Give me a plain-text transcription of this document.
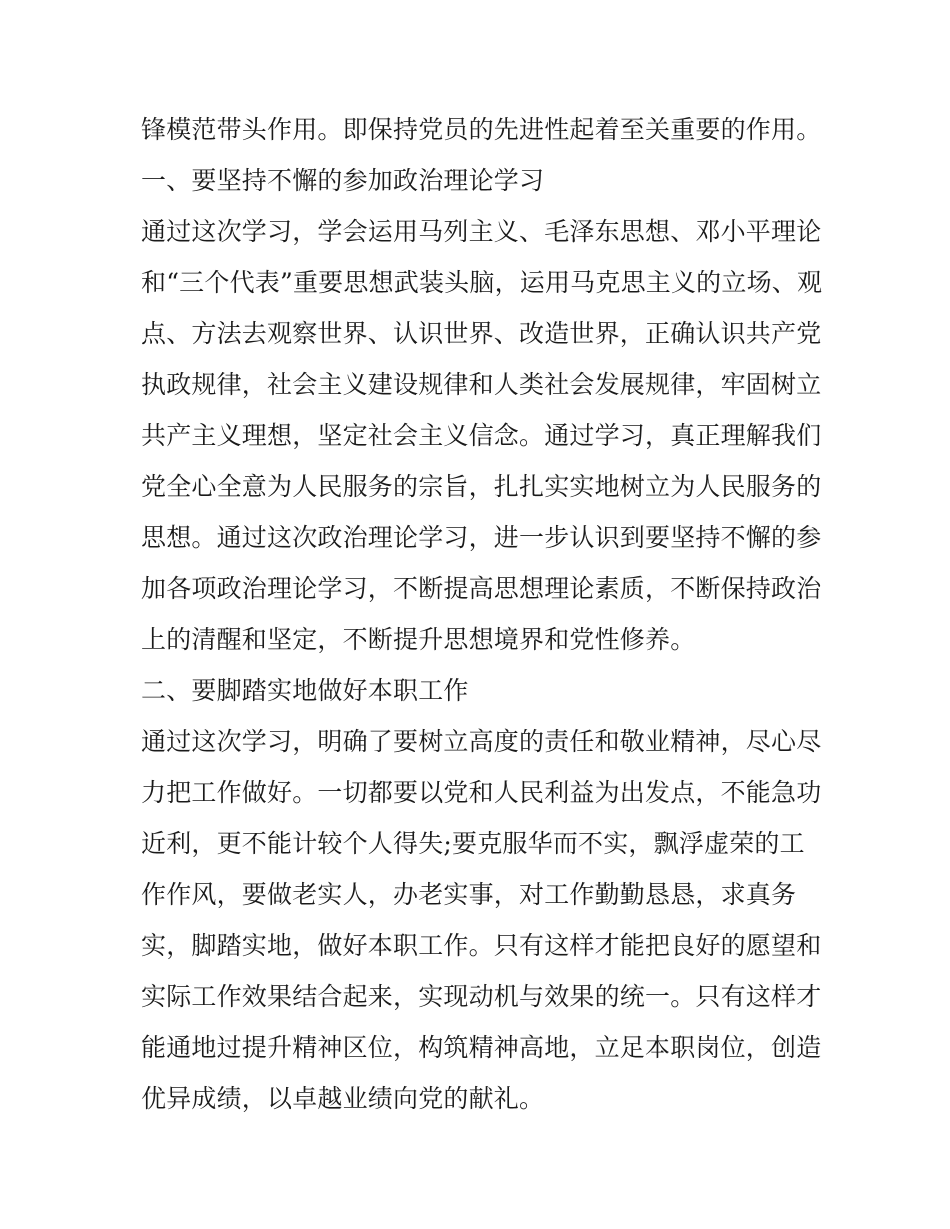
锋模范带头作用。即保持党员的先进性起着至关重要的作用。
一、要坚持不懈的参加政治理论学习
通过这次学习，学会运用马列主义、毛泽东思想、邓小平理论
和“三个代表”重要思想武装头脑，运用马克思主义的立场、观
点、方法去观察世界、认识世界、改造世界，正确认识共产党
执政规律，社会主义建设规律和人类社会发展规律，牢固树立
共产主义理想，坚定社会主义信念。通过学习，真正理解我们
党全心全意为人民服务的宗旨，扎扎实实地树立为人民服务的
思想。通过这次政治理论学习，进一步认识到要坚持不懈的参
加各项政治理论学习，不断提高思想理论素质，不断保持政治
上的清醒和坚定，不断提升思想境界和党性修养。
二、要脚踏实地做好本职工作
通过这次学习，明确了要树立高度的责任和敬业精神，尽心尽
力把工作做好。一切都要以党和人民利益为出发点，不能急功
近利，更不能计较个人得失;要克服华而不实，飘浮虚荣的工
作作风，要做老实人，办老实事，对工作勤勤恳恳，求真务
实，脚踏实地，做好本职工作。只有这样才能把良好的愿望和
实际工作效果结合起来，实现动机与效果的统一。只有这样才
能通地过提升精神区位，构筑精神高地，立足本职岗位，创造
优异成绩，以卓越业绩向党的献礼。
